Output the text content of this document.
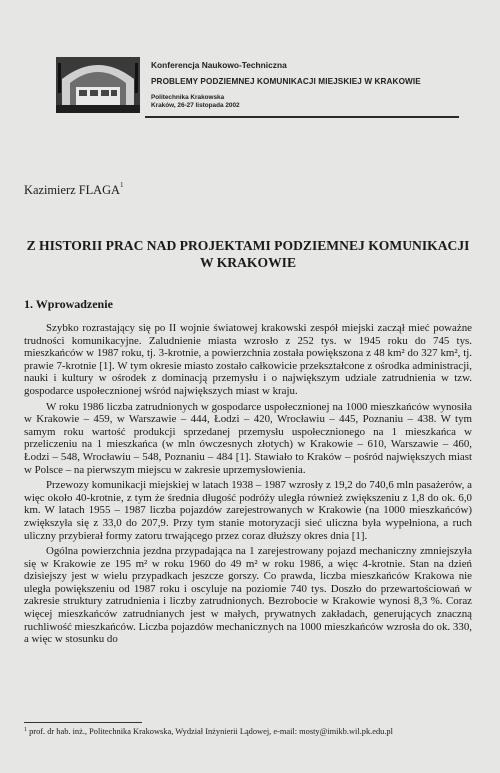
Konferencja Naukowo-Techniczna
PROBLEMY PODZIEMNEJ KOMUNIKACJI MIEJSKIEJ W KRAKOWIE
Politechnika Krakowska
Kraków, 26-27 listopada 2002
Kazimierz FLAGA$^1$
Z HISTORII PRAC NAD PROJEKTAMI PODZIEMNEJ KOMUNIKACJI W KRAKOWIE
1. Wprowadzenie

Szybko rozrastający się po II wojnie światowej krakowski zespół miejski zaczął mieć poważne trudności komunikacyjne. Zaludnienie miasta wzrosło z 252 tys. w 1945 roku do 745 tys. mieszkańców w 1987 roku, tj. 3-krotnie, a powierzchnia została powiększona z 48 km² do 327 km², tj. prawie 7-krotnie [1]. W tym okresie miasto zostało całkowicie przekształcone z ośrodka administracji, nauki i kultury w ośrodek z dominacją przemysłu i o największym udziale zatrudnienia w tzw. gospodarce uspołecznionej wśród największych miast w kraju.

W roku 1986 liczba zatrudnionych w gospodarce uspołecznionej na 1000 mieszkańców wynosiła w Krakowie – 459, w Warszawie – 444, Łodzi – 420, Wrocławiu – 445, Poznaniu – 438. W tym samym roku wartość produkcji sprzedanej przemysłu uspołecznionego na 1 mieszkańca w przeliczeniu na 1 mieszkańca (w mln ówczesnych złotych) w Krakowie – 610, Warszawie – 460, Łodzi – 548, Wrocławiu – 548, Poznaniu – 484 [1]. Stawiało to Kraków – pośród największych miast w Polsce – na pierwszym miejscu w zakresie uprzemysłowienia.

Przewozy komunikacji miejskiej w latach 1938 – 1987 wzrosły z 19,2 do 740,6 mln pasażerów, a więc około 40-krotnie, z tym że średnia długość podróży uległa również zwiększeniu z 1,8 do ok. 6,0 km. W latach 1955 – 1987 liczba pojazdów zarejestrowanych w Krakowie (na 1000 mieszkańców) zwiększyła się z 33,0 do 207,9. Przy tym stanie motoryzacji sieć uliczna była wypełniona, a ruch uliczny przybierał formy zatoru trwającego przez coraz dłuższy okres dnia [1].

Ogólna powierzchnia jezdna przypadająca na 1 zarejestrowany pojazd mechaniczny zmniejszyła się w Krakowie ze 195 m² w roku 1960 do 49 m² w roku 1986, a więc 4-krotnie. Stan na dzień dzisiejszy jest w wielu przypadkach jeszcze gorszy. Co prawda, liczba mieszkańców Krakowa nie uległa powiększeniu od 1987 roku i oscyluje na poziomie 740 tys. Doszło do przewartościowań w zakresie struktury zatrudnienia i liczby zatrudnionych. Bezrobocie w Krakowie wynosi 8,3 %. Coraz więcej mieszkańców zatrudnianych jest w małych, prywatnych zakładach, generujących znaczną ruchliwość mieszkańców. Liczba pojazdów mechanicznych na 1000 mieszkańców wzrosła do ok. 330, a więc w stosunku do

$^1$ prof. dr hab. inż., Politechnika Krakowska, Wydział Inżynierii Lądowej, e-mail: mosty@imikb.wil.pk.edu.pl
